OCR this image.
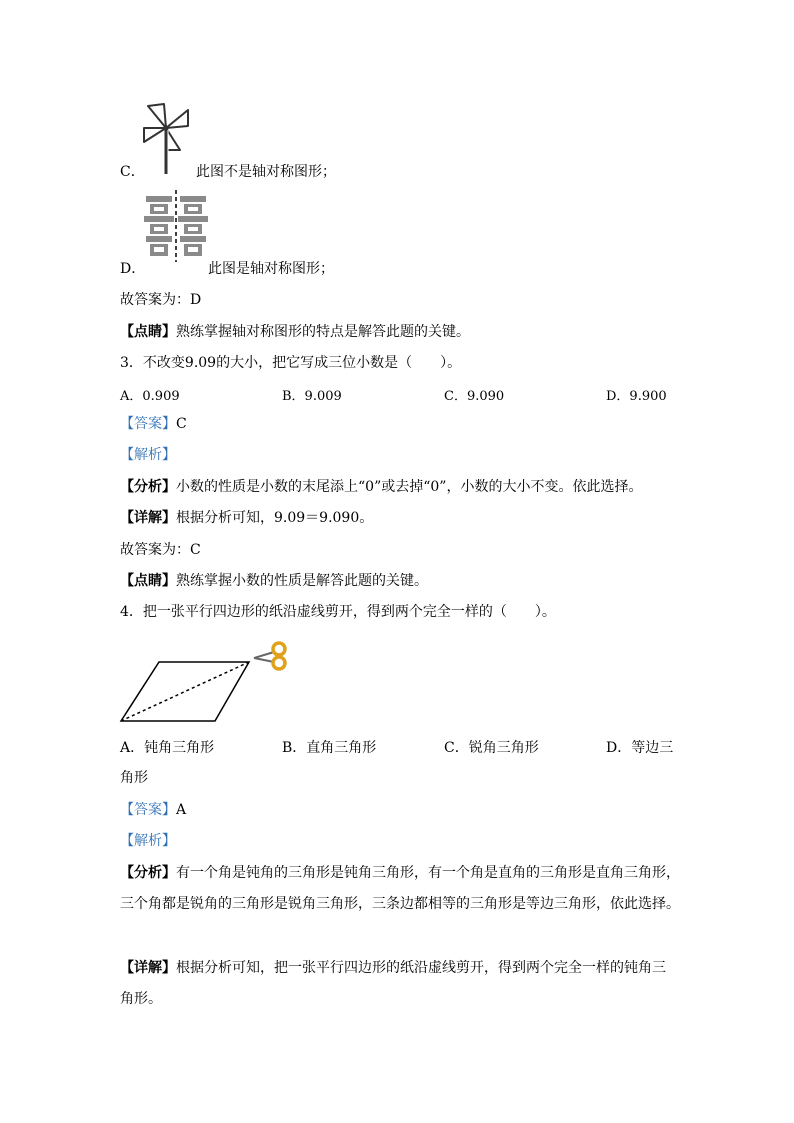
C．	此图不是轴对称图形；
D．	此图是轴对称图形；
故答案为：D
【点睛】熟练掌握轴对称图形的特点是解答此题的关键。
3．不改变9.09的大小，把它写成三位小数是（　　）。
A．0.909	B．9.009	C．9.090	D．9.900
【答案】C
【解析】
【分析】小数的性质是小数的末尾添上“0”或去掉“0”，小数的大小不变。依此选择。
【详解】根据分析可知，9.09＝9.090。
故答案为：C
【点睛】熟练掌握小数的性质是解答此题的关键。
4．把一张平行四边形的纸沿虚线剪开，得到两个完全一样的（　　）。
A．钝角三角形	B．直角三角形	C．锐角三角形	D．等边三
角形
【答案】A
【解析】
【分析】有一个角是钝角的三角形是钝角三角形，有一个角是直角的三角形是直角三角形，
三个角都是锐角的三角形是锐角三角形，三条边都相等的三角形是等边三角形，依此选择。
【详解】根据分析可知，把一张平行四边形的纸沿虚线剪开，得到两个完全一样的钝角三
角形。
